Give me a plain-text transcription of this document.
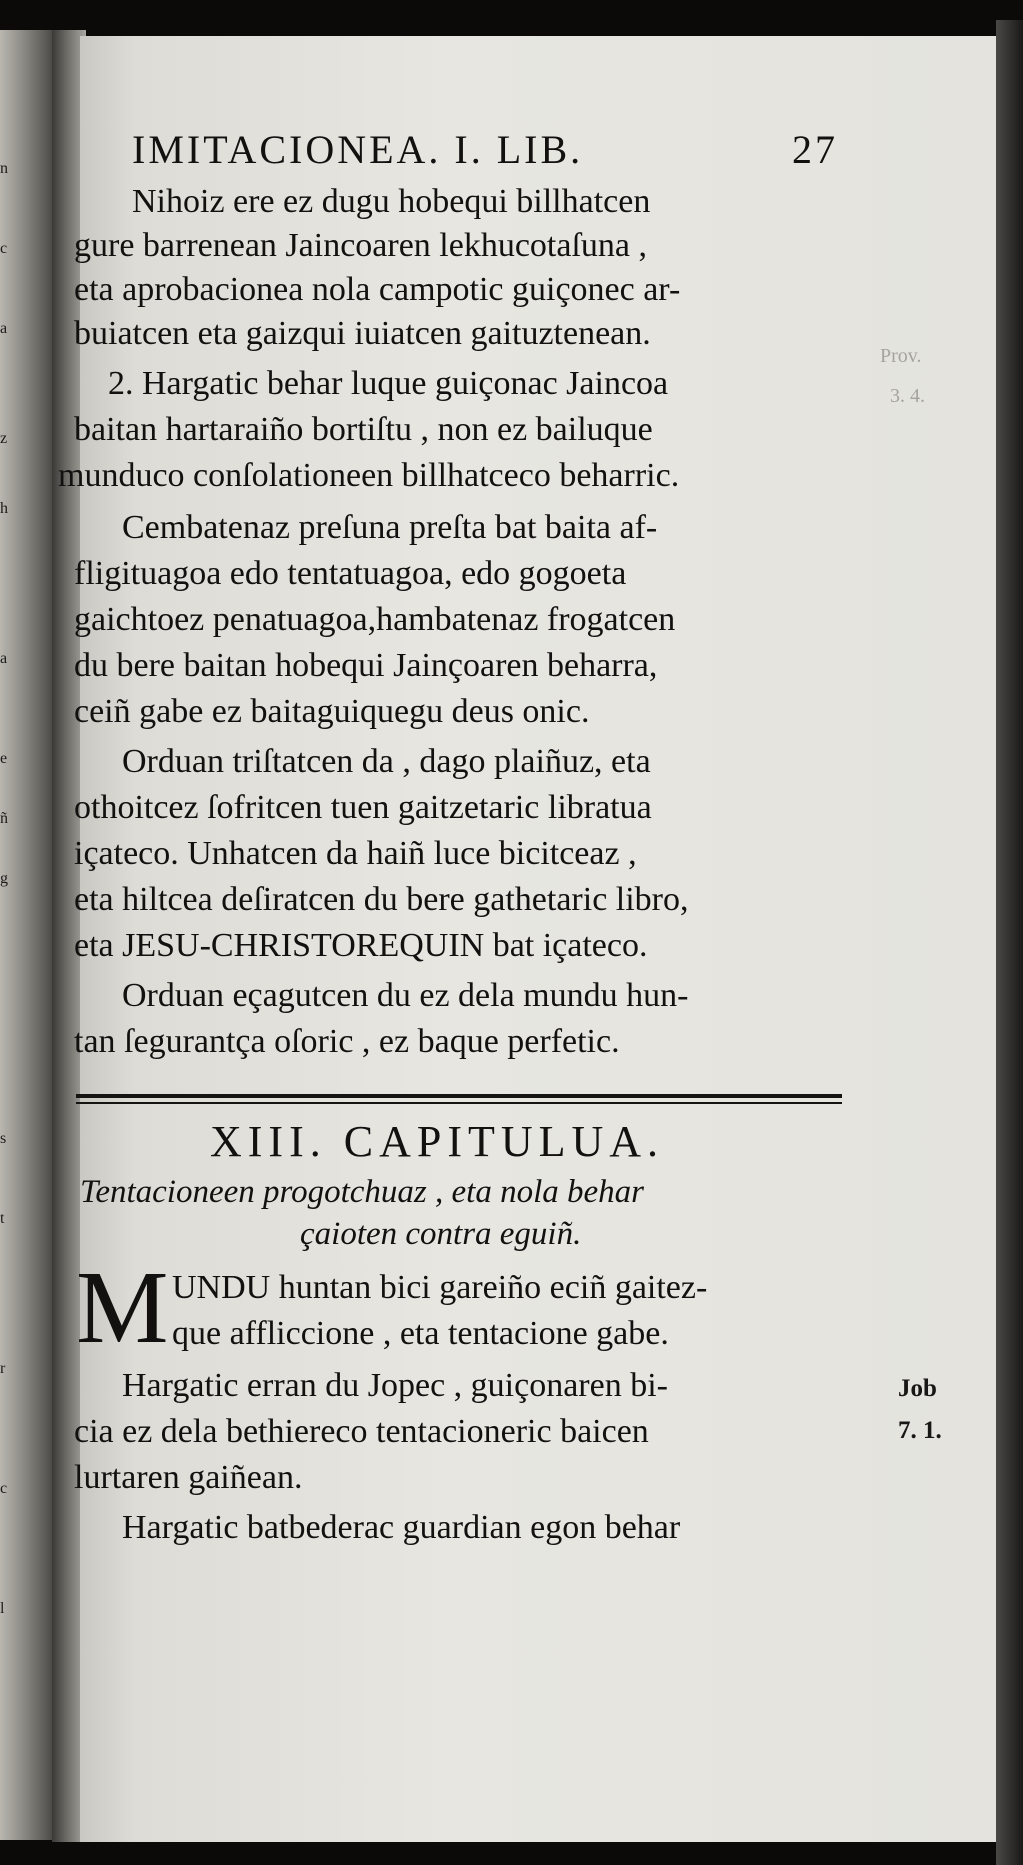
n
c
a
z
h
a
e
ñ
g
s
t
r
c
l
Prov.
3. 4.
IMITACIONEA. I. LIB.	27
Nihoiz ere ez dugu hobequi billhatcen
gure barrenean Jaincoaren lekhucotaſuna ,
eta aprobacionea nola campotic guiçonec ar-
buiatcen eta gaizqui iuiatcen gaituztenean.
2. Hargatic behar luque guiçonac Jaincoa
baitan hartaraiño bortiſtu , non ez bailuque
munduco conſolationeen billhatceco beharric.
Cembatenaz preſuna preſta bat baita af-
fligituagoa edo tentatuagoa, edo gogoeta
gaichtoez penatuagoa,hambatenaz frogatcen
du bere baitan hobequi Jainçoaren beharra,
ceiñ gabe ez baitaguiquegu deus onic.
Orduan triſtatcen da , dago plaiñuz, eta
othoitcez ſofritcen tuen gaitzetaric libratua
içateco. Unhatcen da haiñ luce bicitceaz ,
eta hiltcea deſiratcen du bere gathetaric libro,
eta JESU-CHRISTOREQUIN bat içateco.
Orduan eçagutcen du ez dela mundu hun-
tan ſegurantça oſoric , ez baque perfetic.
XIII. CAPITULUA.
Tentacioneen progotchuaz , eta nola behar
çaioten contra eguiñ.
M UNDU huntan bici gareiño eciñ gaitez-
que affliccione , eta tentacione gabe.
Hargatic erran du Jopec , guiçonaren bi-
cia ez dela bethiereco tentacioneric baicen
lurtaren gaiñean.
Hargatic batbederac guardian egon behar
Job
7. 1.
